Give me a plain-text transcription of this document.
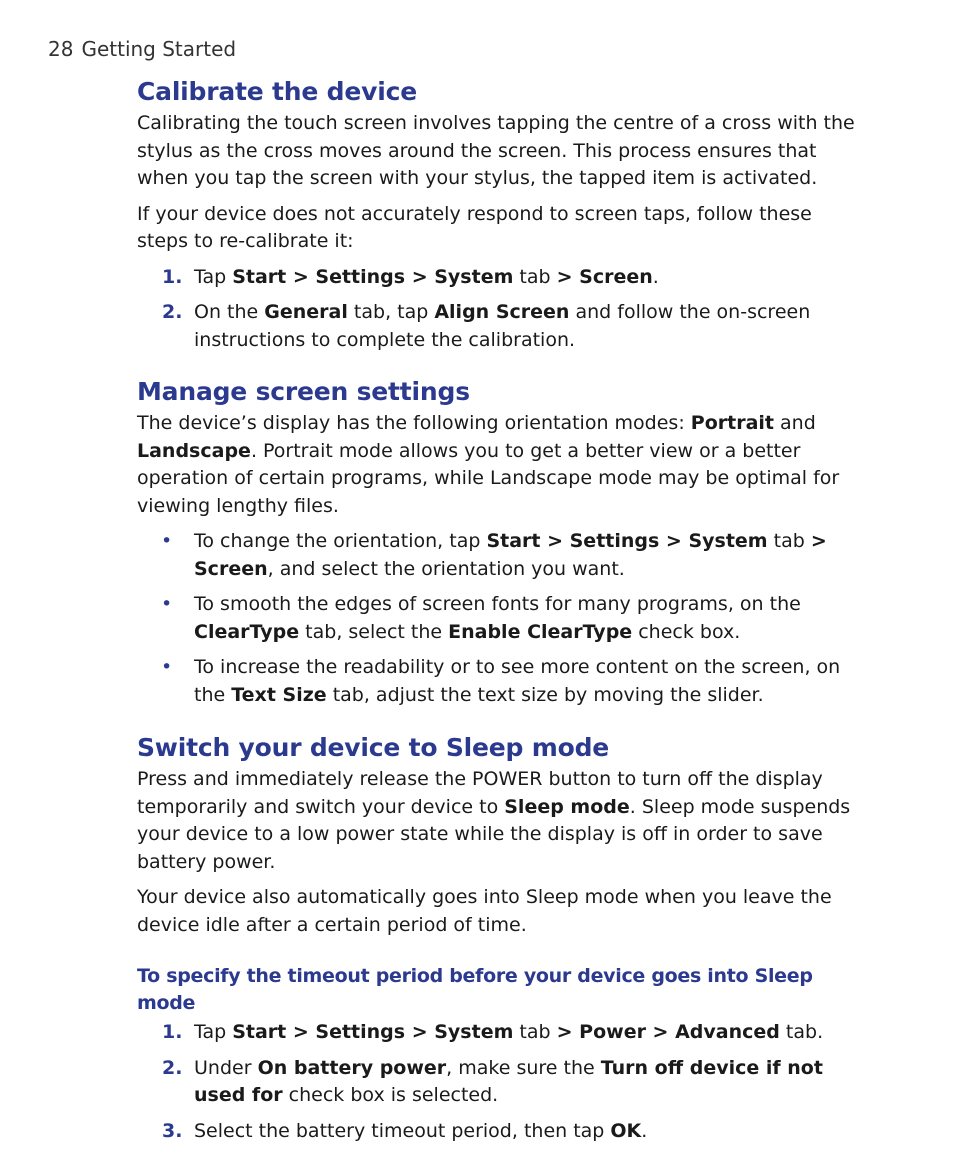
28 Getting Started
Calibrate the device

Calibrating the touch screen involves tapping the centre of a cross with the stylus as the cross moves around the screen. This process ensures that when you tap the screen with your stylus, the tapped item is activated.

If your device does not accurately respond to screen taps, follow these steps to re-calibrate it:

1. Tap Start > Settings > System tab > Screen.
2. On the General tab, tap Align Screen and follow the on-screen instructions to complete the calibration.
Manage screen settings

The device’s display has the following orientation modes: Portrait and Landscape. Portrait mode allows you to get a better view or a better operation of certain programs, while Landscape mode may be optimal for viewing lengthy files.

• To change the orientation, tap Start > Settings > System tab > Screen, and select the orientation you want.
• To smooth the edges of screen fonts for many programs, on the ClearType tab, select the Enable ClearType check box.
• To increase the readability or to see more content on the screen, on the Text Size tab, adjust the text size by moving the slider.
Switch your device to Sleep mode

Press and immediately release the POWER button to turn off the display temporarily and switch your device to Sleep mode. Sleep mode suspends your device to a low power state while the display is off in order to save battery power.

Your device also automatically goes into Sleep mode when you leave the device idle after a certain period of time.

To specify the timeout period before your device goes into Sleep mode
1. Tap Start > Settings > System tab > Power > Advanced tab.
2. Under On battery power, make sure the Turn off device if not used for check box is selected.
3. Select the battery timeout period, then tap OK.
